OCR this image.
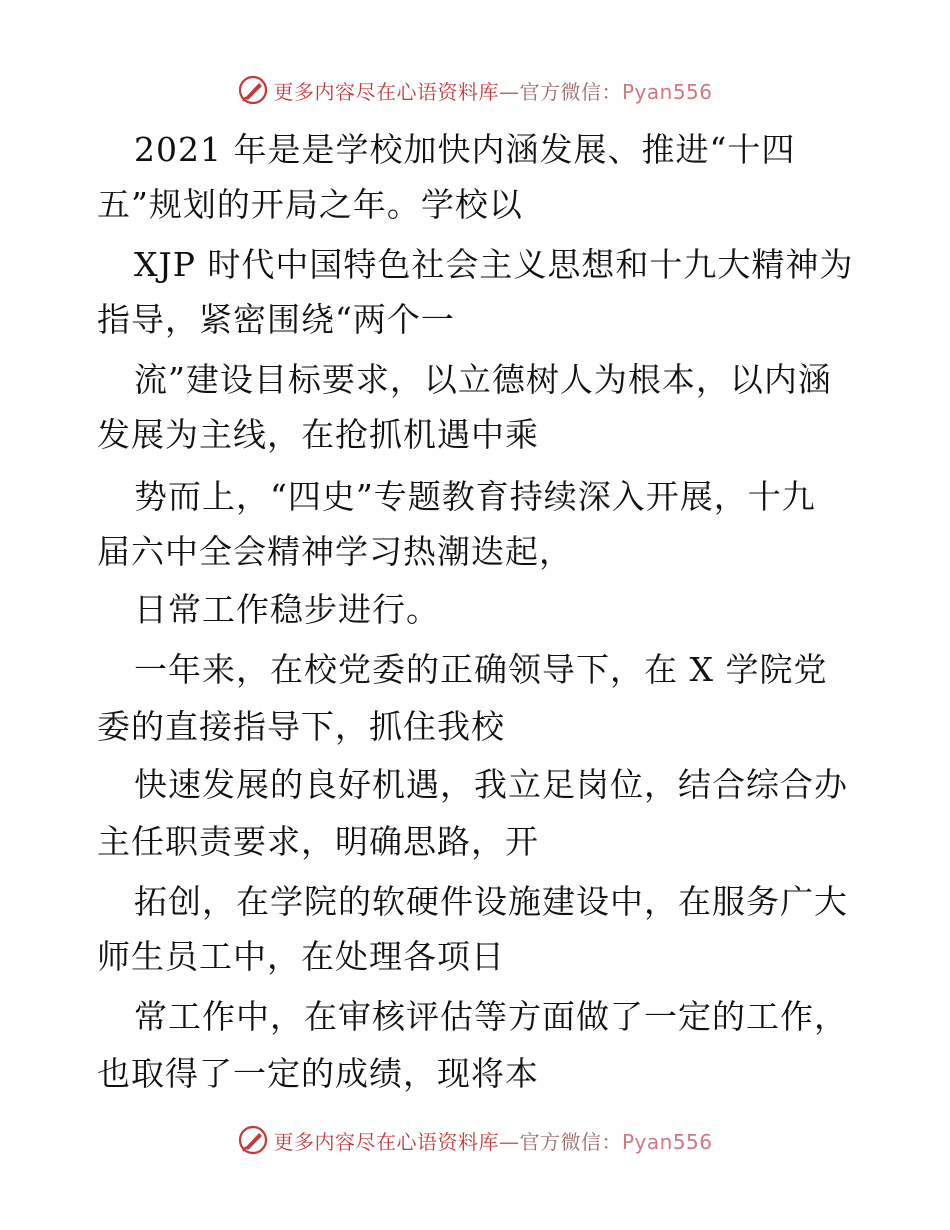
更多内容尽在心语资料库—官方微信：Pyan556
2021 年是是学校加快内涵发展、推进“十四
五”规划的开局之年。学校以
XJP 时代中国特色社会主义思想和十九大精神为
指导，紧密围绕“两个一
流”建设目标要求，以立德树人为根本，以内涵
发展为主线，在抢抓机遇中乘
势而上，“四史”专题教育持续深入开展，十九
届六中全会精神学习热潮迭起，
日常工作稳步进行。
一年来，在校党委的正确领导下，在 X 学院党
委的直接指导下，抓住我校
快速发展的良好机遇，我立足岗位，结合综合办
主任职责要求，明确思路，开
拓创，在学院的软硬件设施建设中，在服务广大
师生员工中，在处理各项日
常工作中，在审核评估等方面做了一定的工作，
也取得了一定的成绩，现将本
更多内容尽在心语资料库—官方微信：Pyan556
